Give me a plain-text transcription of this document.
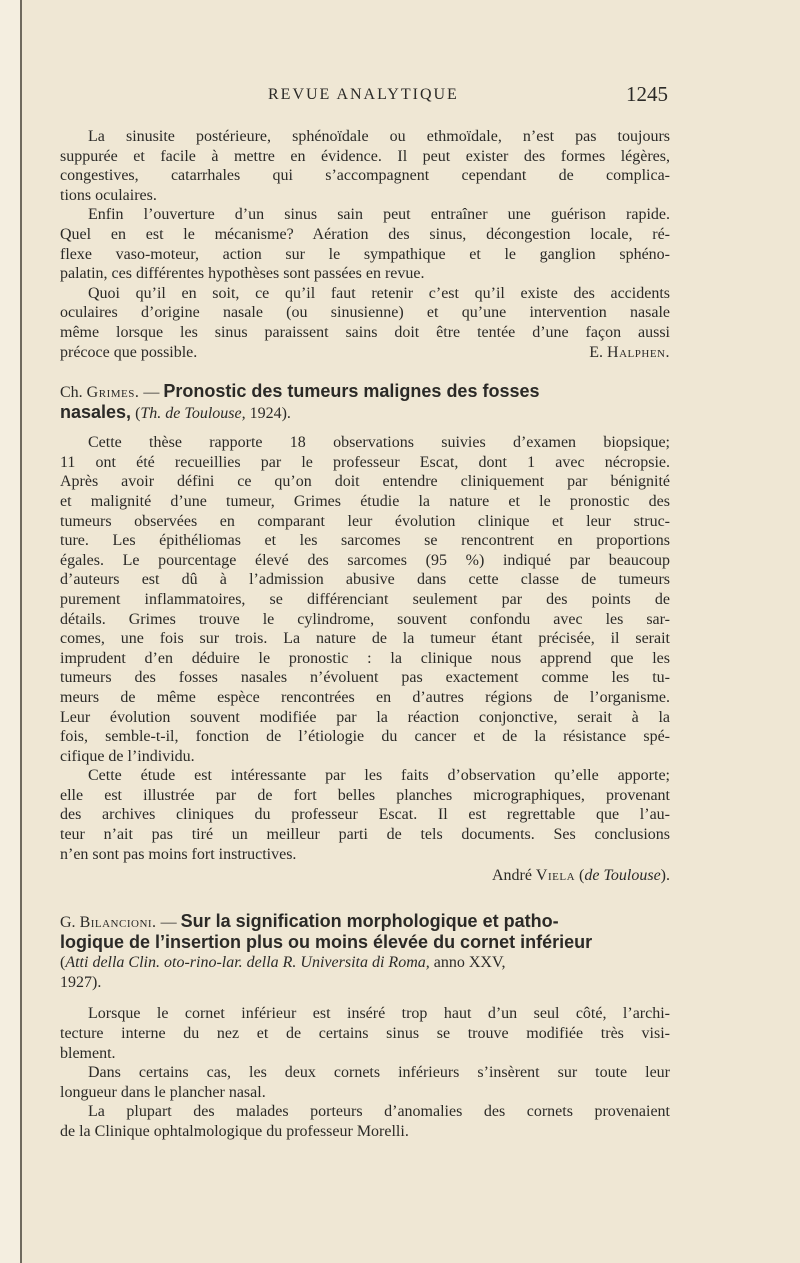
REVUE ANALYTIQUE	1245
La sinusite postérieure, sphénoïdale ou ethmoïdale, n’est pas toujours
suppurée et facile à mettre en évidence. Il peut exister des formes légères,
congestives, catarrhales qui s’accompagnent cependant de complica-
tions oculaires.
Enfin l’ouverture d’un sinus sain peut entraîner une guérison rapide.
Quel en est le mécanisme? Aération des sinus, décongestion locale, ré-
flexe vaso-moteur, action sur le sympathique et le ganglion sphéno-
palatin, ces différentes hypothèses sont passées en revue.
Quoi qu’il en soit, ce qu’il faut retenir c’est qu’il existe des accidents
oculaires d’origine nasale (ou sinusienne) et qu’une intervention nasale
même lorsque les sinus paraissent sains doit être tentée d’une façon aussi
précoce que possible.	E. Halphen.
Ch. Grimes. — Pronostic des tumeurs malignes des fosses
nasales, (Th. de Toulouse, 1924).
Cette thèse rapporte 18 observations suivies d’examen biopsique;
11 ont été recueillies par le professeur Escat, dont 1 avec nécropsie.
Après avoir défini ce qu’on doit entendre cliniquement par bénignité
et malignité d’une tumeur, Grimes étudie la nature et le pronostic des
tumeurs observées en comparant leur évolution clinique et leur struc-
ture. Les épithéliomas et les sarcomes se rencontrent en proportions
égales. Le pourcentage élevé des sarcomes (95 %) indiqué par beaucoup
d’auteurs est dû à l’admission abusive dans cette classe de tumeurs
purement inflammatoires, se différenciant seulement par des points de
détails. Grimes trouve le cylindrome, souvent confondu avec les sar-
comes, une fois sur trois. La nature de la tumeur étant précisée, il serait
imprudent d’en déduire le pronostic : la clinique nous apprend que les
tumeurs des fosses nasales n’évoluent pas exactement comme les tu-
meurs de même espèce rencontrées en d’autres régions de l’organisme.
Leur évolution souvent modifiée par la réaction conjonctive, serait à la
fois, semble-t-il, fonction de l’étiologie du cancer et de la résistance spé-
cifique de l’individu.
Cette étude est intéressante par les faits d’observation qu’elle apporte;
elle est illustrée par de fort belles planches micrographiques, provenant
des archives cliniques du professeur Escat. Il est regrettable que l’au-
teur n’ait pas tiré un meilleur parti de tels documents. Ses conclusions
n’en sont pas moins fort instructives.
André Viela (de Toulouse).
G. Bilancioni. — Sur la signification morphologique et patho-
logique de l’insertion plus ou moins élevée du cornet inférieur
(Atti della Clin. oto-rino-lar. della R. Universita di Roma, anno XXV,
1927).
Lorsque le cornet inférieur est inséré trop haut d’un seul côté, l’archi-
tecture interne du nez et de certains sinus se trouve modifiée très visi-
blement.
Dans certains cas, les deux cornets inférieurs s’insèrent sur toute leur
longueur dans le plancher nasal.
La plupart des malades porteurs d’anomalies des cornets provenaient
de la Clinique ophtalmologique du professeur Morelli.
